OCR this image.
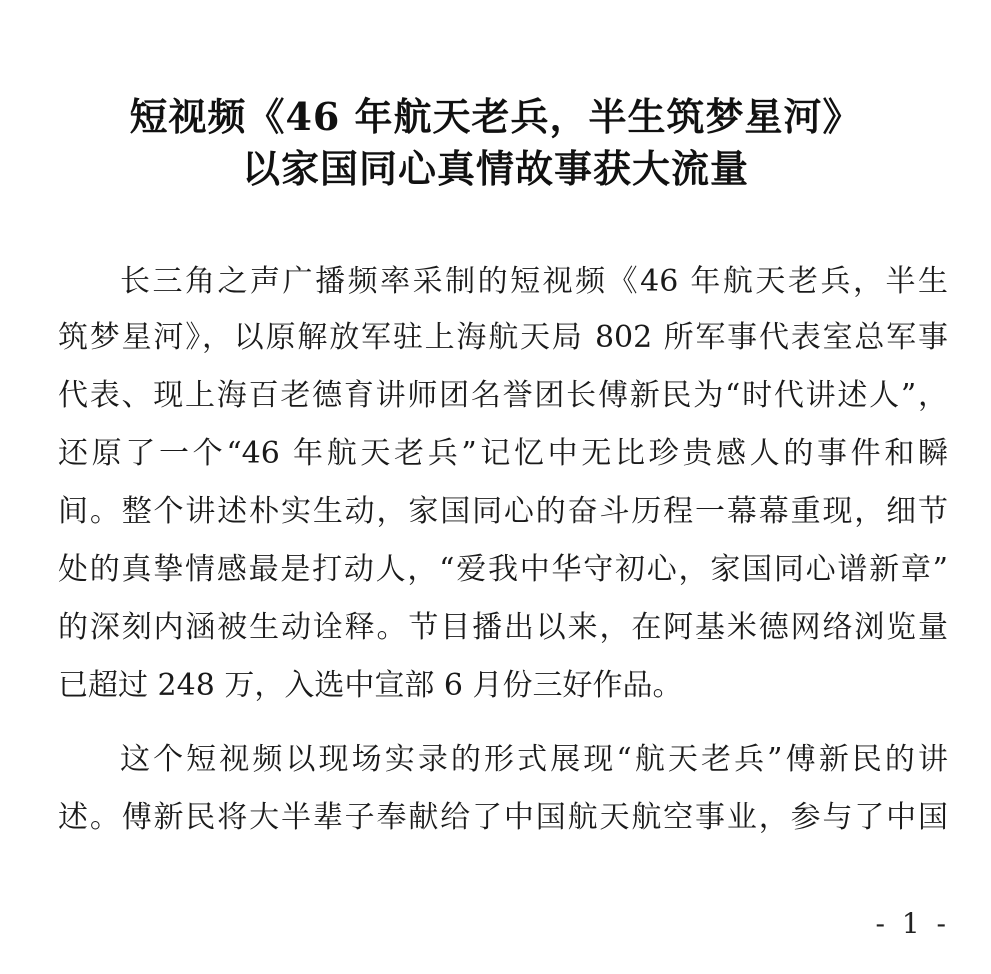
短视频《46 年航天老兵，半生筑梦星河》
以家国同心真情故事获大流量
长三角之声广播频率采制的短视频《46 年航天老兵，半生
筑梦星河》，以原解放军驻上海航天局 802 所军事代表室总军事
代表、现上海百老德育讲师团名誉团长傅新民为“时代讲述人”，
还原了一个“46 年航天老兵”记忆中无比珍贵感人的事件和瞬
间。整个讲述朴实生动，家国同心的奋斗历程一幕幕重现，细节
处的真挚情感最是打动人，“爱我中华守初心，家国同心谱新章”
的深刻内涵被生动诠释。节目播出以来，在阿基米德网络浏览量
已超过 248 万，入选中宣部 6 月份三好作品。
这个短视频以现场实录的形式展现“航天老兵”傅新民的讲
述。傅新民将大半辈子奉献给了中国航天航空事业，参与了中国
- 1 -
